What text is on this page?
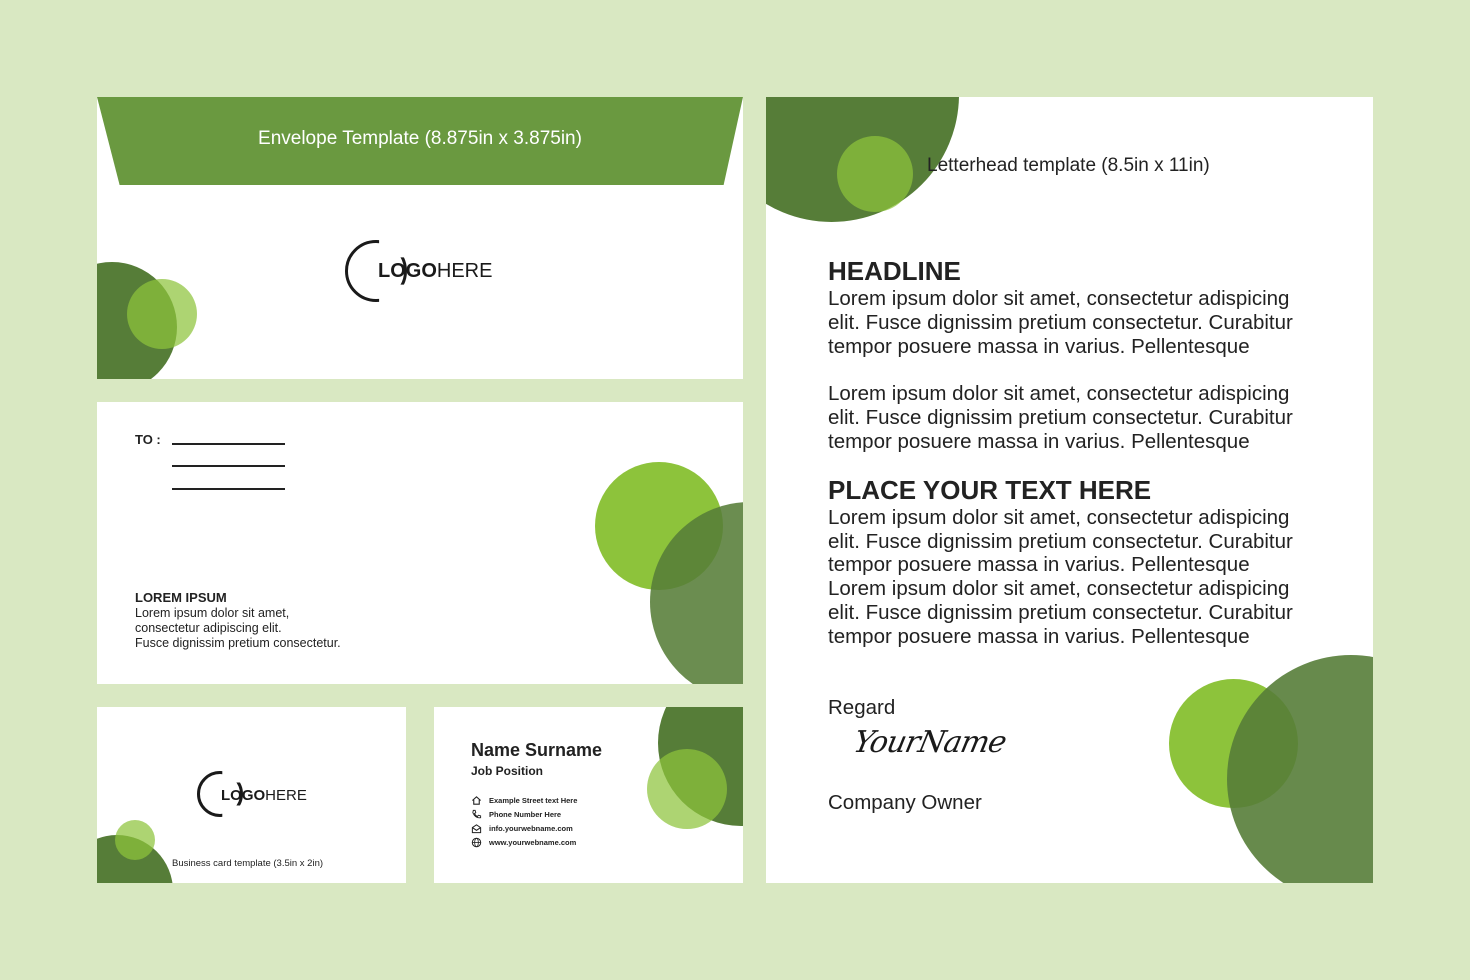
Envelope Template (8.875in x 3.875in)
LOGOHERE
TO :
LOREM IPSUM
Lorem ipsum dolor sit amet,
consectetur adipiscing elit.
Fusce dignissim pretium consectetur.
LOGOHERE
Business card template (3.5in x 2in)
Name Surname
Job Position
Example Street text Here
Phone Number Here
info.yourwebname.com
www.yourwebname.com
Letterhead template (8.5in x 11in)
HEADLINE
Lorem ipsum dolor sit amet, consectetur adispicing
elit. Fusce dignissim pretium consectetur. Curabitur
tempor posuere massa in varius. Pellentesque
Lorem ipsum dolor sit amet, consectetur adispicing
elit. Fusce dignissim pretium consectetur. Curabitur
tempor posuere massa in varius. Pellentesque
PLACE YOUR TEXT HERE
Lorem ipsum dolor sit amet, consectetur adispicing
elit. Fusce dignissim pretium consectetur. Curabitur
tempor posuere massa in varius. Pellentesque
Lorem ipsum dolor sit amet, consectetur adispicing
elit. Fusce dignissim pretium consectetur. Curabitur
tempor posuere massa in varius. Pellentesque
Regard
YourName
Company Owner
